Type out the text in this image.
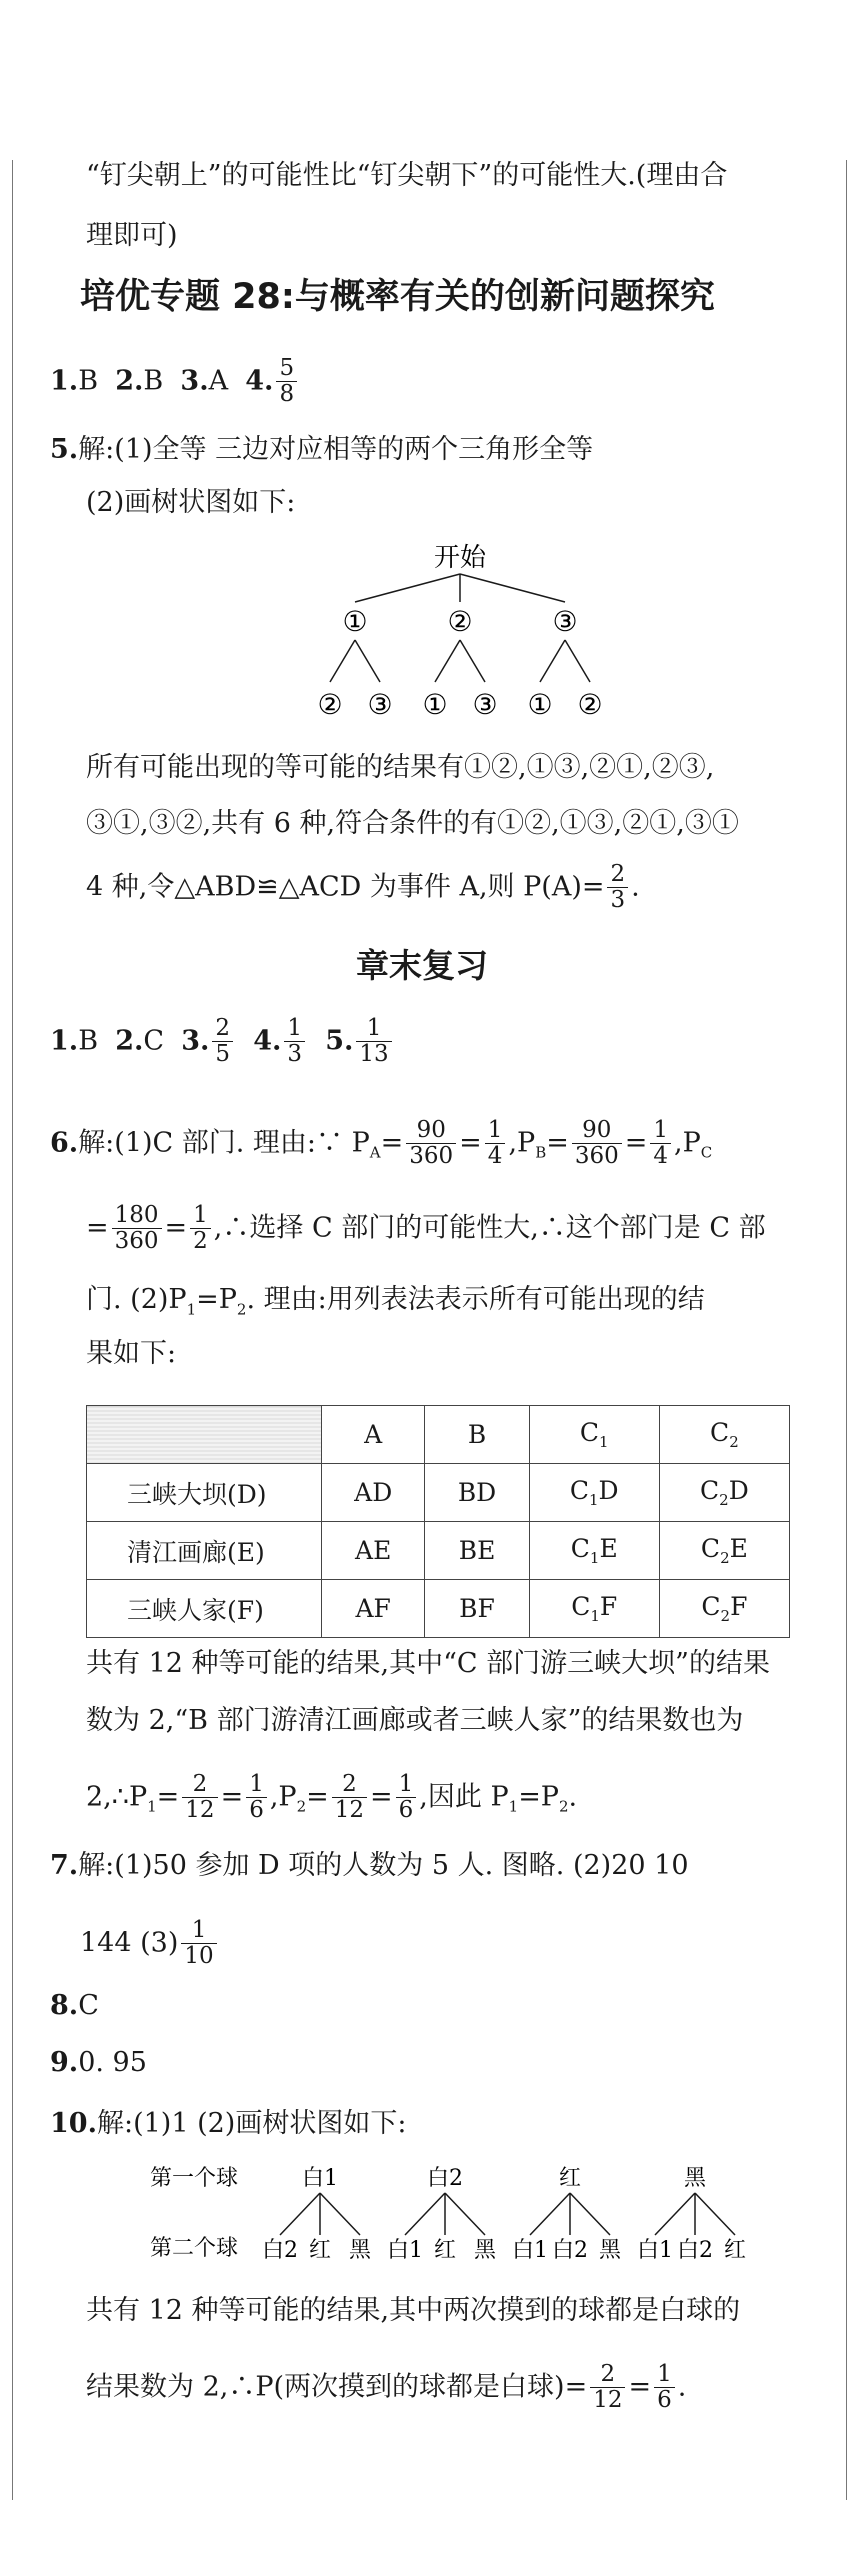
“钉尖朝上”的可能性比“钉尖朝下”的可能性大.(理由合
理即可)
培优专题 28:与概率有关的创新问题探究
1.B 2.B 3.A 4. $\frac{5}{8}$
5.解:(1)全等 三边对应相等的两个三角形全等
(2)画树状图如下:
开始
①	②	③
② ③ ① ③ ① ②
所有可能出现的等可能的结果有①②,①③,②①,②③,
③①,③②,共有 6 种,符合条件的有①②,①③,②①,③①
4 种,令△ABD≌△ACD 为事件 A,则 $P(A)= \frac{2}{3}$ .
章末复习
1.B 2.C 3. $\frac{2}{5} 4$. $\frac{1}{3} 5$. $\frac{1}{13}$
6.解:(1)C 部门. 理由:∵ $P_A= \frac{90}{360} = \frac{1}{4} ,P_B= \frac{90}{360} = \frac{1}{4} ,P_C$
= $\frac{180}{360} = \frac{1}{2}$ ,∴选择 C 部门的可能性大,∴这个部门是 C 部
门. $(2)P_1=P_2$. 理由:用列表法表示所有可能出现的结
果如下:
	A	B	$C_1$	$C_2$
三峡大坝(D)	AD	BD	$C_1D$	$C_2D$
清江画廊(E)	AE	BE	$C_1E$	$C_2E$
三峡人家(F)	AF	BF	$C_1F$	$C_2F$
共有 12 种等可能的结果,其中“C 部门游三峡大坝”的结果
数为 2,“B 部门游清江画廊或者三峡人家”的结果数也为
$2,\therefore P_1= \frac{2}{12} = \frac{1}{6} ,P_2= \frac{2}{12} = \frac{1}{6}$ ,因此 $P_1=P_2$.
7.解:(1)50 参加 D 项的人数为 5 人. 图略. (2)20 10
144 $(3) \frac{1}{10}$
8.C
9.0. 95
10.解:(1)1 (2)画树状图如下:
第一个球
第二个球
白1	白2	红	黑
白2 红 黑 白1 红 黑 白1 白2 黑 白1 白2 红
共有 12 种等可能的结果,其中两次摸到的球都是白球的
结果数为 2,∴P(两次摸到的球都是白球)= $\frac{2}{12} = \frac{1}{6}$ .
